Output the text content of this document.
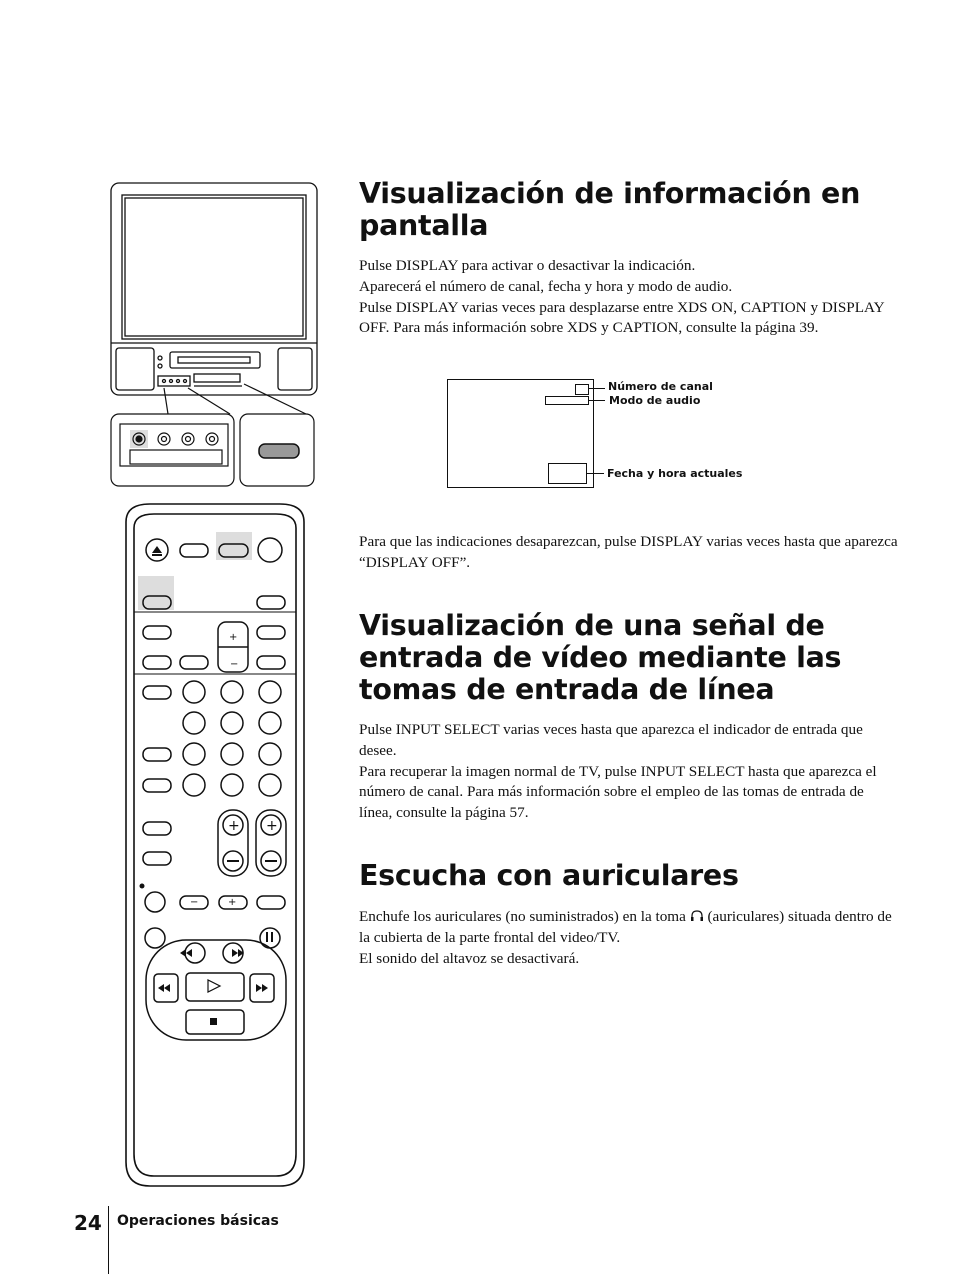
+
−
+ +
−	+
Visualización de información en
pantalla

Pulse DISPLAY para activar o desactivar la indicación.

Aparecerá el número de canal, fecha y hora y modo de audio.

Pulse DISPLAY varias veces para desplazarse entre XDS ON, CAPTION y DISPLAY OFF. Para más información sobre XDS y CAPTION, consulte la página 39.

Número de canal
Modo de audio
Fecha y hora actuales

Para que las indicaciones desaparezcan, pulse DISPLAY varias veces hasta que aparezca “DISPLAY OFF”.

Visualización de una señal de
entrada de vídeo mediante las
tomas de entrada de línea

Pulse INPUT SELECT varias veces hasta que aparezca el indicador de entrada que desee.

Para recuperar la imagen normal de TV, pulse INPUT SELECT hasta que aparezca el número de canal. Para más información sobre el empleo de las tomas de entrada de línea, consulte la página 57.

Escucha con auriculares

Enchufe los auriculares (no suministrados) en la toma (auriculares) situada dentro de la cubierta de la parte frontal del video/TV.

El sonido del altavoz se desactivará.

24 Operaciones básicas
